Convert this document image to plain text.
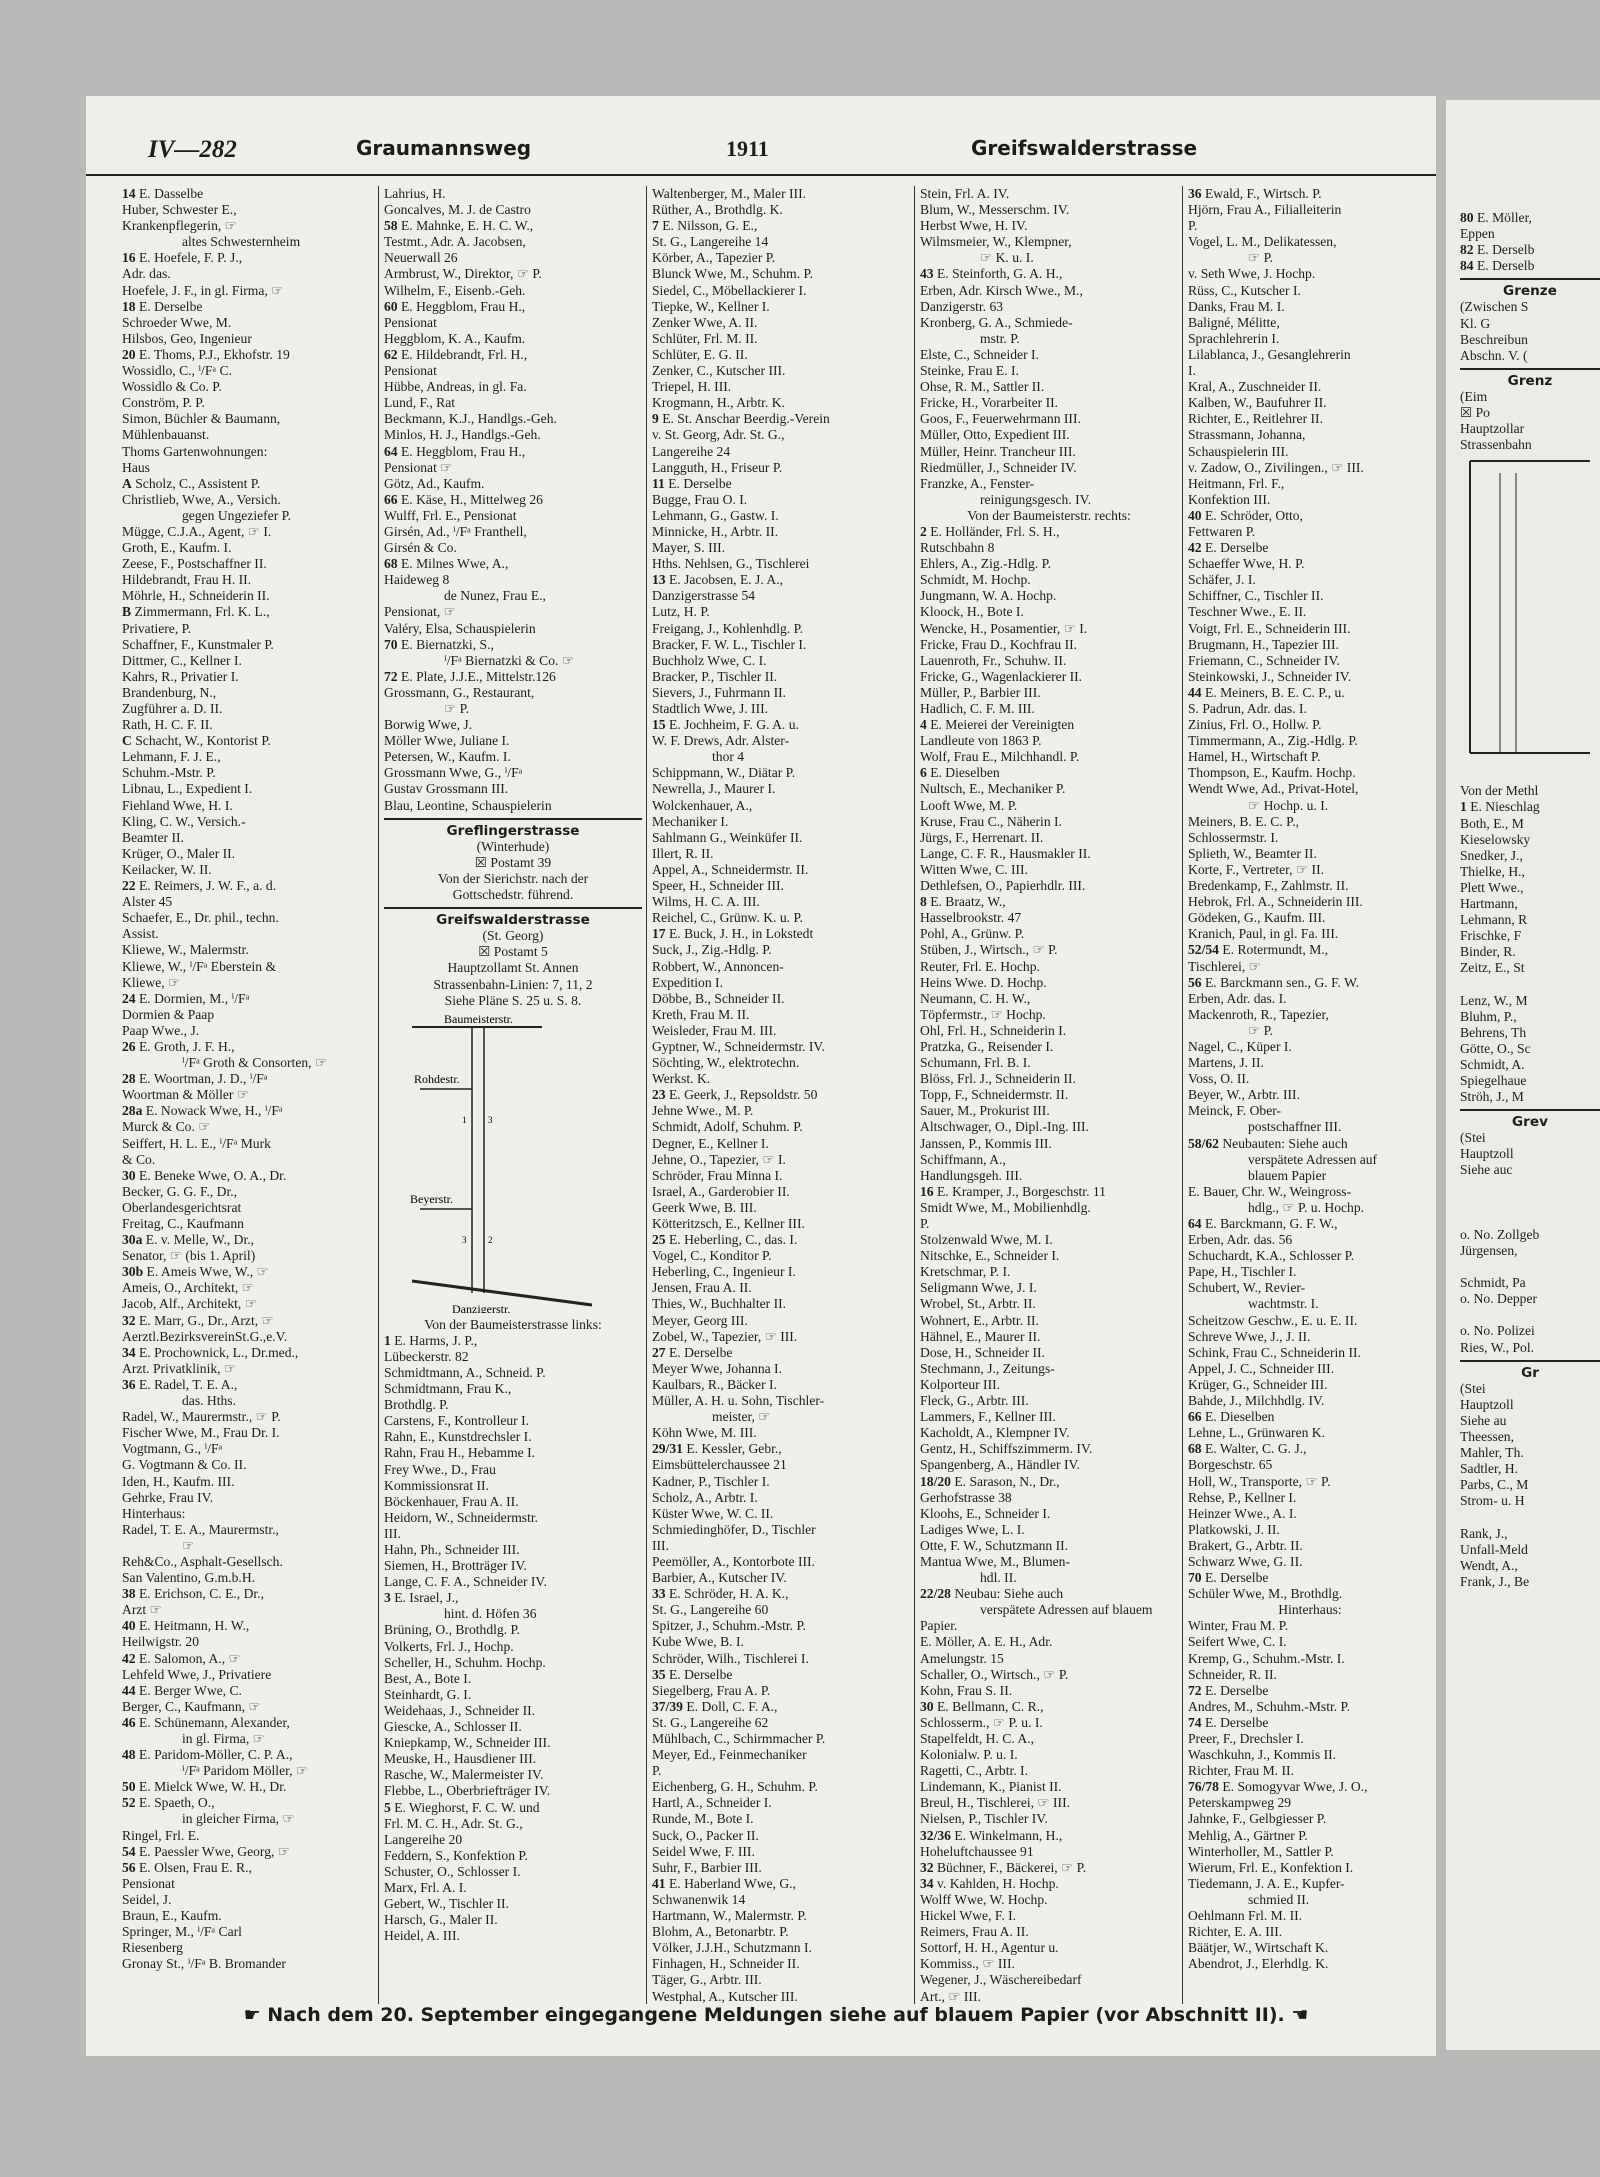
IV—282	Graumannsweg	1911	Greifswalderstrasse
14 E. Dasselbe
Huber, Schwester E.,
Krankenpflegerin, ☞
altes Schwesternheim
16 E. Hoefele, F. P. J.,
Adr. das.
Hoefele, J. F., in gl. Firma, ☞
18 E. Derselbe
Schroeder Wwe, M.
Hilsbos, Geo, Ingenieur
20 E. Thoms, P.J., Ekhofstr. 19
Wossidlo, C., ⁱ/Fᵃ C.
Wossidlo & Co. P.
Conström, P. P.
Simon, Büchler & Baumann,
Mühlenbauanst.
Thoms Gartenwohnungen:
Haus
A Scholz, C., Assistent P.
Christlieb, Wwe, A., Versich.
gegen Ungeziefer P.
Mügge, C.J.A., Agent, ☞ I.
Groth, E., Kaufm. I.
Zeese, F., Postschaffner II.
Hildebrandt, Frau H. II.
Möhrle, H., Schneiderin II.
B Zimmermann, Frl. K. L.,
Privatiere, P.
Schaffner, F., Kunstmaler P.
Dittmer, C., Kellner I.
Kahrs, R., Privatier I.
Brandenburg, N.,
Zugführer a. D. II.
Rath, H. C. F. II.
C Schacht, W., Kontorist P.
Lehmann, F. J. E.,
Schuhm.-Mstr. P.
Libnau, L., Expedient I.
Fiehland Wwe, H. I.
Kling, C. W., Versich.-
Beamter II.
Krüger, O., Maler II.
Keilacker, W. II.
22 E. Reimers, J. W. F., a. d.
Alster 45
Schaefer, E., Dr. phil., techn.
Assist.
Kliewe, W., Malermstr.
Kliewe, W., ⁱ/Fᵃ Eberstein &
Kliewe, ☞
24 E. Dormien, M., ⁱ/Fᵃ
Dormien & Paap
Paap Wwe., J.
26 E. Groth, J. F. H.,
ⁱ/Fᵃ Groth & Consorten, ☞
28 E. Woortman, J. D., ⁱ/Fᵃ
Woortman & Möller ☞
28a E. Nowack Wwe, H., ⁱ/Fᵃ
Murck & Co. ☞
Seiffert, H. L. E., ⁱ/Fᵃ Murk
& Co.
30 E. Beneke Wwe, O. A., Dr.
Becker, G. G. F., Dr.,
Oberlandesgerichtsrat
Freitag, C., Kaufmann
30a E. v. Melle, W., Dr.,
Senator, ☞ (bis 1. April)
30b E. Ameis Wwe, W., ☞
Ameis, O., Architekt, ☞
Jacob, Alf., Architekt, ☞
32 E. Marr, G., Dr., Arzt, ☞
Aerztl.BezirksvereinSt.G.,e.V.
34 E. Prochownick, L., Dr.med.,
Arzt. Privatklinik, ☞
36 E. Radel, T. E. A.,
das. Hths.
Radel, W., Maurermstr., ☞ P.
Fischer Wwe, M., Frau Dr. I.
Vogtmann, G., ⁱ/Fᵃ
G. Vogtmann & Co. II.
Iden, H., Kaufm. III.
Gehrke, Frau IV.
Hinterhaus:
Radel, T. E. A., Maurermstr.,
☞
Reh&Co., Asphalt-Gesellsch.
San Valentino, G.m.b.H.
38 E. Erichson, C. E., Dr.,
Arzt ☞
40 E. Heitmann, H. W.,
Heilwigstr. 20
42 E. Salomon, A., ☞
Lehfeld Wwe, J., Privatiere
44 E. Berger Wwe, C.
Berger, C., Kaufmann, ☞
46 E. Schünemann, Alexander,
in gl. Firma, ☞
48 E. Paridom-Möller, C. P. A.,
ⁱ/Fᵃ Paridom Möller, ☞
50 E. Mielck Wwe, W. H., Dr.
52 E. Spaeth, O.,
in gleicher Firma, ☞
Ringel, Frl. E.
54 E. Paessler Wwe, Georg, ☞
56 E. Olsen, Frau E. R.,
Pensionat
Seidel, J.
Braun, E., Kaufm.
Springer, M., ⁱ/Fᵃ Carl
Riesenberg
Gronay St., ⁱ/Fᵃ B. Bromander
Lahrius, H.
Goncalves, M. J. de Castro
58 E. Mahnke, E. H. C. W.,
Testmt., Adr. A. Jacobsen,
Neuerwall 26
Armbrust, W., Direktor, ☞ P.
Wilhelm, F., Eisenb.-Geh.
60 E. Heggblom, Frau H.,
Pensionat
Heggblom, K. A., Kaufm.
62 E. Hildebrandt, Frl. H.,
Pensionat
Hübbe, Andreas, in gl. Fa.
Lund, F., Rat
Beckmann, K.J., Handlgs.-Geh.
Minlos, H. J., Handlgs.-Geh.
64 E. Heggblom, Frau H.,
Pensionat ☞
Götz, Ad., Kaufm.
66 E. Käse, H., Mittelweg 26
Wulff, Frl. E., Pensionat
Girsén, Ad., ⁱ/Fᵃ Franthell,
Girsén & Co.
68 E. Milnes Wwe, A.,
Haideweg 8
de Nunez, Frau E.,
Pensionat, ☞
Valéry, Elsa, Schauspielerin
70 E. Biernatzki, S.,
ⁱ/Fᵃ Biernatzki & Co. ☞
72 E. Plate, J.J.E., Mittelstr.126
Grossmann, G., Restaurant,
☞ P.
Borwig Wwe, J.
Möller Wwe, Juliane I.
Petersen, W., Kaufm. I.
Grossmann Wwe, G., ⁱ/Fᵃ
Gustav Grossmann III.
Blau, Leontine, Schauspielerin
Greflingerstrasse
(Winterhude)
☒ Postamt 39
Von der Sierichstr. nach der
Gottschedstr. führend.
Greifswalderstrasse
(St. Georg)
☒ Postamt 5
Hauptzollamt St. Annen
Strassenbahn-Linien: 7, 11, 2
Siehe Pläne S. 25 u. S. 8.
Baumeisterstr.
Rohdestr.
Beyerstr.
Danzigerstr.
1 3
3 2
Von der Baumeisterstrasse links:
1 E. Harms, J. P.,
Lübeckerstr. 82
Schmidtmann, A., Schneid. P.
Schmidtmann, Frau K.,
Brothdlg. P.
Carstens, F., Kontrolleur I.
Rahn, E., Kunstdrechsler I.
Rahn, Frau H., Hebamme I.
Frey Wwe., D., Frau
Kommissionsrat II.
Böckenhauer, Frau A. II.
Heidorn, W., Schneidermstr.
III.
Hahn, Ph., Schneider III.
Siemen, H., Brotträger IV.
Lange, C. F. A., Schneider IV.
3 E. Israel, J.,
hint. d. Höfen 36
Brüning, O., Brothdlg. P.
Volkerts, Frl. J., Hochp.
Scheller, H., Schuhm. Hochp.
Best, A., Bote I.
Steinhardt, G. I.
Weidehaas, J., Schneider II.
Giescke, A., Schlosser II.
Kniepkamp, W., Schneider III.
Meuske, H., Hausdiener III.
Rasche, W., Malermeister IV.
Flebbe, L., Oberbriefträger IV.
5 E. Wieghorst, F. C. W. und
Frl. M. C. H., Adr. St. G.,
Langereihe 20
Feddern, S., Konfektion P.
Schuster, O., Schlosser I.
Marx, Frl. A. I.
Gebert, W., Tischler II.
Harsch, G., Maler II.
Heidel, A. III.
Waltenberger, M., Maler III.
Rüther, A., Brothdlg. K.
7 E. Nilsson, G. E.,
St. G., Langereihe 14
Körber, A., Tapezier P.
Blunck Wwe, M., Schuhm. P.
Siedel, C., Möbellackierer I.
Tiepke, W., Kellner I.
Zenker Wwe, A. II.
Schlüter, Frl. M. II.
Schlüter, E. G. II.
Zenker, C., Kutscher III.
Triepel, H. III.
Krogmann, H., Arbtr. K.
9 E. St. Anschar Beerdig.-Verein
v. St. Georg, Adr. St. G.,
Langereihe 24
Langguth, H., Friseur P.
11 E. Derselbe
Bugge, Frau O. I.
Lehmann, G., Gastw. I.
Minnicke, H., Arbtr. II.
Mayer, S. III.
Hths. Nehlsen, G., Tischlerei
13 E. Jacobsen, E. J. A.,
Danzigerstrasse 54
Lutz, H. P.
Freigang, J., Kohlenhdlg. P.
Bracker, F. W. L., Tischler I.
Buchholz Wwe, C. I.
Bracker, P., Tischler II.
Sievers, J., Fuhrmann II.
Stadtlich Wwe, J. III.
15 E. Jochheim, F. G. A. u.
W. F. Drews, Adr. Alster-
thor 4
Schippmann, W., Diätar P.
Newrella, J., Maurer I.
Wolckenhauer, A.,
Mechaniker I.
Sahlmann G., Weinküfer II.
Illert, R. II.
Appel, A., Schneidermstr. II.
Speer, H., Schneider III.
Wilms, H. C. A. III.
Reichel, C., Grünw. K. u. P.
17 E. Buck, J. H., in Lokstedt
Suck, J., Zig.-Hdlg. P.
Robbert, W., Annoncen-
Expedition I.
Döbbe, B., Schneider II.
Kreth, Frau M. II.
Weisleder, Frau M. III.
Gyptner, W., Schneidermstr. IV.
Söchting, W., elektrotechn.
Werkst. K.
23 E. Geerk, J., Repsoldstr. 50
Jehne Wwe., M. P.
Schmidt, Adolf, Schuhm. P.
Degner, E., Kellner I.
Jehne, O., Tapezier, ☞ I.
Schröder, Frau Minna I.
Israel, A., Garderobier II.
Geerk Wwe, B. III.
Kötteritzsch, E., Kellner III.
25 E. Heberling, C., das. I.
Vogel, C., Konditor P.
Heberling, C., Ingenieur I.
Jensen, Frau A. II.
Thies, W., Buchhalter II.
Meyer, Georg III.
Zobel, W., Tapezier, ☞ III.
27 E. Derselbe
Meyer Wwe, Johanna I.
Kaulbars, R., Bäcker I.
Müller, A. H. u. Sohn, Tischler-
meister, ☞
Köhn Wwe, M. III.
29/31 E. Kessler, Gebr.,
Eimsbüttelerchaussee 21
Kadner, P., Tischler I.
Scholz, A., Arbtr. I.
Küster Wwe, W. C. II.
Schmiedinghöfer, D., Tischler
III.
Peemöller, A., Kontorbote III.
Barbier, A., Kutscher IV.
33 E. Schröder, H. A. K.,
St. G., Langereihe 60
Spitzer, J., Schuhm.-Mstr. P.
Kube Wwe, B. I.
Schröder, Wilh., Tischlerei I.
35 E. Derselbe
Siegelberg, Frau A. P.
37/39 E. Doll, C. F. A.,
St. G., Langereihe 62
Mühlbach, C., Schirmmacher P.
Meyer, Ed., Feinmechaniker
P.
Eichenberg, G. H., Schuhm. P.
Hartl, A., Schneider I.
Runde, M., Bote I.
Suck, O., Packer II.
Seidel Wwe, F. III.
Suhr, F., Barbier III.
41 E. Haberland Wwe, G.,
Schwanenwik 14
Hartmann, W., Malermstr. P.
Blohm, A., Betonarbtr. P.
Völker, J.J.H., Schutzmann I.
Finhagen, H., Schneider II.
Täger, G., Arbtr. III.
Westphal, A., Kutscher III.
Stein, Frl. A. IV.
Blum, W., Messerschm. IV.
Herbst Wwe, H. IV.
Wilmsmeier, W., Klempner,
☞ K. u. I.
43 E. Steinforth, G. A. H.,
Erben, Adr. Kirsch Wwe., M.,
Danzigerstr. 63
Kronberg, G. A., Schmiede-
mstr. P.
Elste, C., Schneider I.
Steinke, Frau E. I.
Ohse, R. M., Sattler II.
Fricke, H., Vorarbeiter II.
Goos, F., Feuerwehrmann III.
Müller, Otto, Expedient III.
Müller, Heinr. Trancheur III.
Riedmüller, J., Schneider IV.
Franzke, A., Fenster-
reinigungsgesch. IV.
Von der Baumeisterstr. rechts:
2 E. Holländer, Frl. S. H.,
Rutschbahn 8
Ehlers, A., Zig.-Hdlg. P.
Schmidt, M. Hochp.
Jungmann, W. A. Hochp.
Kloock, H., Bote I.
Wencke, H., Posamentier, ☞ I.
Fricke, Frau D., Kochfrau II.
Lauenroth, Fr., Schuhw. II.
Fricke, G., Wagenlackierer II.
Müller, P., Barbier III.
Hadlich, C. F. M. III.
4 E. Meierei der Vereinigten
Landleute von 1863 P.
Wolf, Frau E., Milchhandl. P.
6 E. Dieselben
Nultsch, E., Mechaniker P.
Looft Wwe, M. P.
Kruse, Frau C., Näherin I.
Jürgs, F., Herrenart. II.
Lange, C. F. R., Hausmakler II.
Witten Wwe, C. III.
Dethlefsen, O., Papierhdlr. III.
8 E. Braatz, W.,
Hasselbrookstr. 47
Pohl, A., Grünw. P.
Stüben, J., Wirtsch., ☞ P.
Reuter, Frl. E. Hochp.
Heins Wwe. D. Hochp.
Neumann, C. H. W.,
Töpfermstr., ☞ Hochp.
Ohl, Frl. H., Schneiderin I.
Pratzka, G., Reisender I.
Schumann, Frl. B. I.
Blöss, Frl. J., Schneiderin II.
Topp, F., Schneidermstr. II.
Sauer, M., Prokurist III.
Altschwager, O., Dipl.-Ing. III.
Janssen, P., Kommis III.
Schiffmann, A.,
Handlungsgeh. III.
16 E. Kramper, J., Borgeschstr. 11
Smidt Wwe, M., Mobilienhdlg.
P.
Stolzenwald Wwe, M. I.
Nitschke, E., Schneider I.
Kretschmar, P. I.
Seligmann Wwe, J. I.
Wrobel, St., Arbtr. II.
Wohnert, E., Arbtr. II.
Hähnel, E., Maurer II.
Dose, H., Schneider II.
Stechmann, J., Zeitungs-
Kolporteur III.
Fleck, G., Arbtr. III.
Lammers, F., Kellner III.
Kacholdt, A., Klempner IV.
Gentz, H., Schiffszimmerm. IV.
Spangenberg, A., Händler IV.
18/20 E. Sarason, N., Dr.,
Gerhofstrasse 38
Kloohs, E., Schneider I.
Ladiges Wwe, L. I.
Otte, F. W., Schutzmann II.
Mantua Wwe, M., Blumen-
hdl. II.
22/28 Neubau: Siehe auch
verspätete Adressen auf blauem
Papier.
E. Möller, A. E. H., Adr.
Amelungstr. 15
Schaller, O., Wirtsch., ☞ P.
Kohn, Frau S. II.
30 E. Bellmann, C. R.,
Schlosserm., ☞ P. u. I.
Stapelfeldt, H. C. A.,
Kolonialw. P. u. I.
Ragetti, C., Arbtr. I.
Lindemann, K., Pianist II.
Breul, H., Tischlerei, ☞ III.
Nielsen, P., Tischler IV.
32/36 E. Winkelmann, H.,
Hoheluftchaussee 91
32 Büchner, F., Bäckerei, ☞ P.
34 v. Kahlden, H. Hochp.
Wolff Wwe, W. Hochp.
Hickel Wwe, F. I.
Reimers, Frau A. II.
Sottorf, H. H., Agentur u.
Kommiss., ☞ III.
Wegener, J., Wäschereibedarf
Art., ☞ III.
36 Ewald, F., Wirtsch. P.
Hjörn, Frau A., Filialleiterin
P.
Vogel, L. M., Delikatessen,
☞ P.
v. Seth Wwe, J. Hochp.
Rüss, C., Kutscher I.
Danks, Frau M. I.
Baligné, Mélitte,
Sprachlehrerin I.
Lilablanca, J., Gesanglehrerin
I.
Kral, A., Zuschneider II.
Kalben, W., Baufuhrer II.
Richter, E., Reitlehrer II.
Strassmann, Johanna,
Schauspielerin III.
v. Zadow, O., Zivilingen., ☞ III.
Heitmann, Frl. F.,
Konfektion III.
40 E. Schröder, Otto,
Fettwaren P.
42 E. Derselbe
Schaeffer Wwe, H. P.
Schäfer, J. I.
Schiffner, C., Tischler II.
Teschner Wwe., E. II.
Voigt, Frl. E., Schneiderin III.
Brugmann, H., Tapezier III.
Friemann, C., Schneider IV.
Steinkowski, J., Schneider IV.
44 E. Meiners, B. E. C. P., u.
S. Padrun, Adr. das. I.
Zinius, Frl. O., Hollw. P.
Timmermann, A., Zig.-Hdlg. P.
Hamel, H., Wirtschaft P.
Thompson, E., Kaufm. Hochp.
Wendt Wwe, Ad., Privat-Hotel,
☞ Hochp. u. I.
Meiners, B. E. C. P.,
Schlossermstr. I.
Splieth, W., Beamter II.
Korte, F., Vertreter, ☞ II.
Bredenkamp, F., Zahlmstr. II.
Hebrok, Frl. A., Schneiderin III.
Gödeken, G., Kaufm. III.
Kranich, Paul, in gl. Fa. III.
52/54 E. Rotermundt, M.,
Tischlerei, ☞
56 E. Barckmann sen., G. F. W.
Erben, Adr. das. I.
Mackenroth, R., Tapezier,
☞ P.
Nagel, C., Küper I.
Martens, J. II.
Voss, O. II.
Beyer, W., Arbtr. III.
Meinck, F. Ober-
postschaffner III.
58/62 Neubauten: Siehe auch
verspätete Adressen auf
blauem Papier
E. Bauer, Chr. W., Weingross-
hdlg., ☞ P. u. Hochp.
64 E. Barckmann, G. F. W.,
Erben, Adr. das. 56
Schuchardt, K.A., Schlosser P.
Pape, H., Tischler I.
Schubert, W., Revier-
wachtmstr. I.
Scheitzow Geschw., E. u. E. II.
Schreve Wwe, J., J. II.
Schink, Frau C., Schneiderin II.
Appel, J. C., Schneider III.
Krüger, G., Schneider III.
Bahde, J., Milchhdlg. IV.
66 E. Dieselben
Lehne, L., Grünwaren K.
68 E. Walter, C. G. J.,
Borgeschstr. 65
Holl, W., Transporte, ☞ P.
Rehse, P., Kellner I.
Heinzer Wwe., A. I.
Platkowski, J. II.
Brakert, G., Arbtr. II.
Schwarz Wwe, G. II.
70 E. Derselbe
Schüler Wwe, M., Brothdlg.
Hinterhaus:
Winter, Frau M. P.
Seifert Wwe, C. I.
Kremp, G., Schuhm.-Mstr. I.
Schneider, R. II.
72 E. Derselbe
Andres, M., Schuhm.-Mstr. P.
74 E. Derselbe
Preer, F., Drechsler I.
Waschkuhn, J., Kommis II.
Richter, Frau M. II.
76/78 E. Somogyvar Wwe, J. O.,
Peterskampweg 29
Jahnke, F., Gelbgiesser P.
Mehlig, A., Gärtner P.
Winterholler, M., Sattler P.
Wierum, Frl. E., Konfektion I.
Tiedemann, J. A. E., Kupfer-
schmied II.
Oehlmann Frl. M. II.
Richter, E. A. III.
Bäätjer, W., Wirtschaft K.
Abendrot, J., Elerhdlg. K.
☛ Nach dem 20. September eingegangene Meldungen siehe auf blauem Papier (vor Abschnitt II). ☚
80 E. Möller,
Eppen
82 E. Derselb
84 E. Derselb
Grenze
(Zwischen S
Kl. G
Beschreibun
Abschn. V. (
Grenz
(Eim
☒ Po
Hauptzollar
Strassenbahn
Von der Methl
1 E. Nieschlag
Both, E., M
Kieselowsky
Snedker, J.,
Thielke, H.,
Plett Wwe.,
Hartmann,
Lehmann, R
Frischke, F
Binder, R.
Zeitz, E., St

Lenz, W., M
Bluhm, P.,
Behrens, Th
Götte, O., Sc
Schmidt, A.
Spiegelhaue
Ströh, J., M
Grev
(Stei
Hauptzoll
Siehe auc

o. No. Zollgeb
Jürgensen,

Schmidt, Pa
o. No. Depper

o. No. Polizei
Ries, W., Pol.
Gr
(Stei
Hauptzoll
Siehe au
Theessen,
Mahler, Th.
Sadtler, H.
Parbs, C., M
Strom- u. H

Rank, J.,
Unfall-Meld
Wendt, A.,
Frank, J., Be
